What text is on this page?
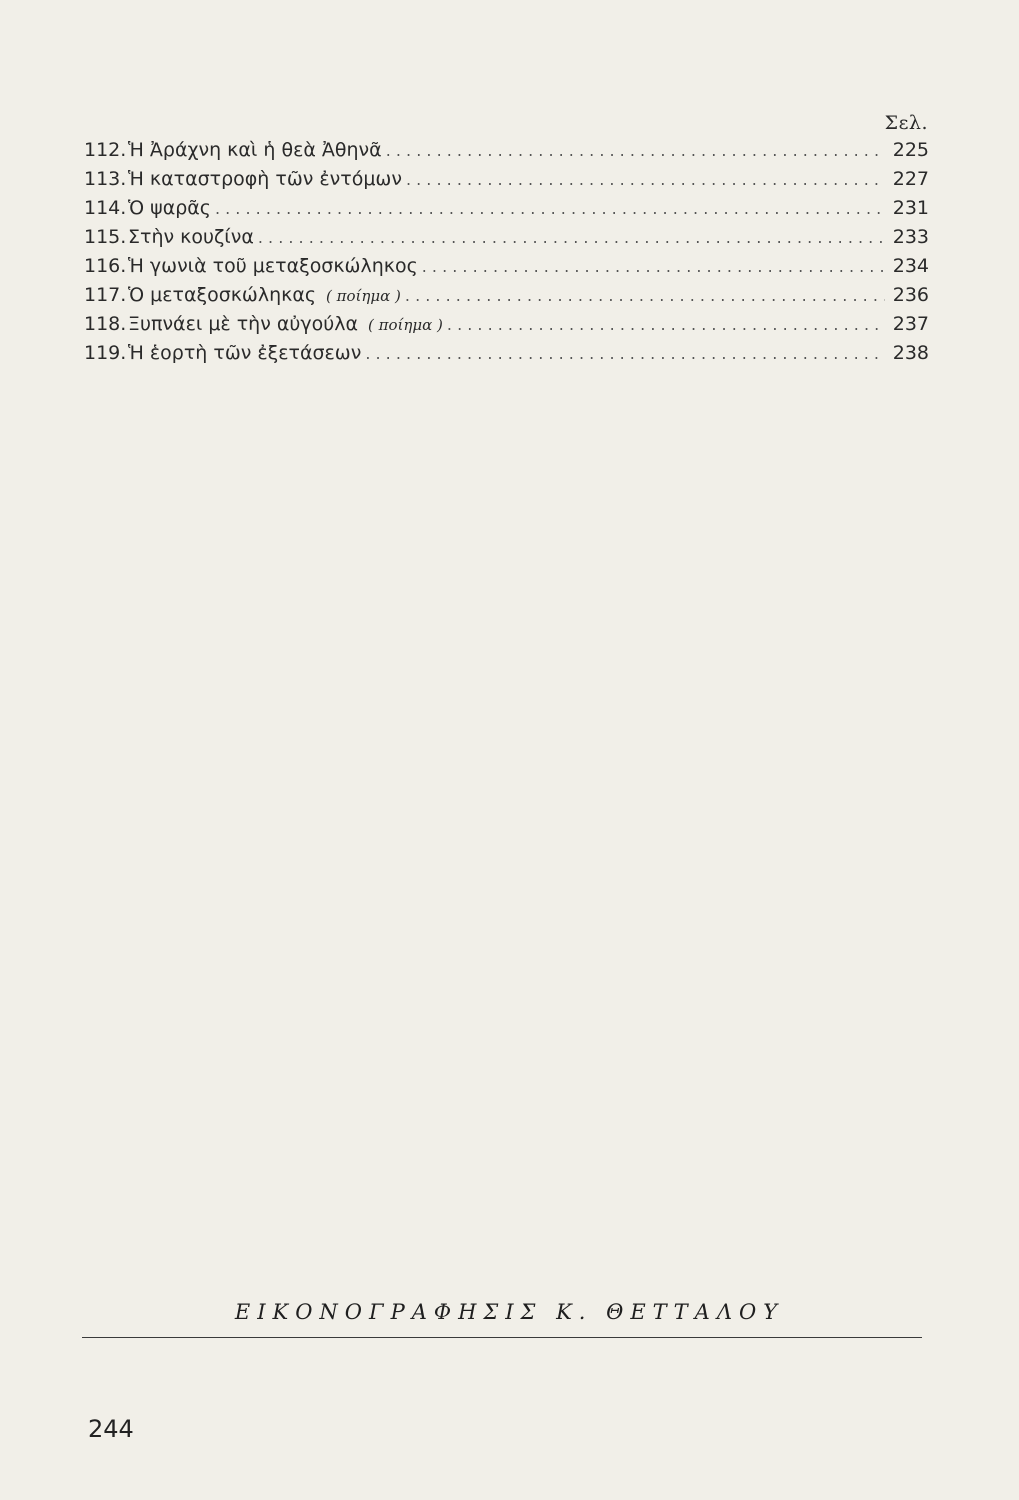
Σελ.
112. Ἡ Ἀράχνη καὶ ἡ θεὰ Ἀθηνᾶ . . .	225
113. Ἡ καταστροφὴ τῶν ἐντόμων . . .	227
114. Ὁ ψαρᾶς . . .	231
115. Στὴν κουζίνα . . .	233
116. Ἡ γωνιὰ τοῦ μεταξοσκώληκος . . .	234
117. Ὁ μεταξοσκώληκας ( ποίημα ) . . .	236
118. Ξυπνάει μὲ τὴν αὐγούλα ( ποίημα ) . . .	237
119. Ἡ ἑορτὴ τῶν ἐξετάσεων . . .	238
ΕΙΚΟΝΟΓΡΑΦΗΣΙΣ Κ. ΘΕΤΤΑΛΟΥ
244
